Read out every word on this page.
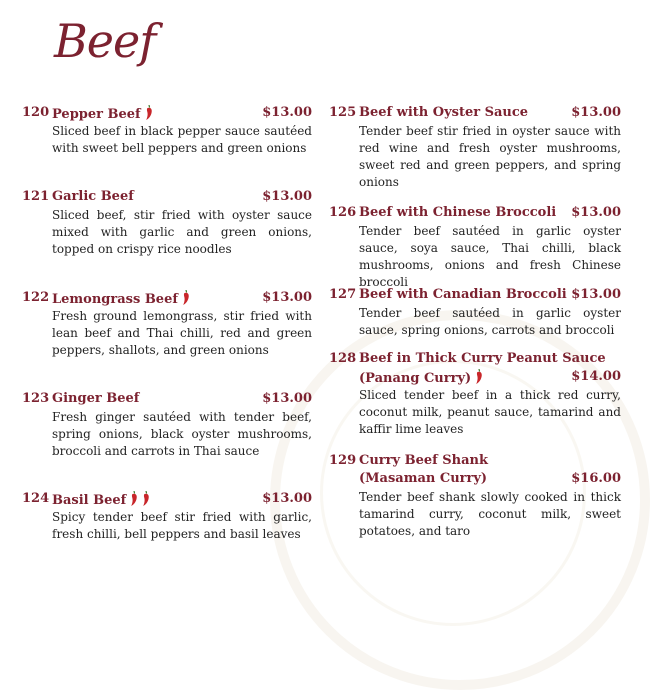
Beef
120 Pepper Beef	$13.00
Sliced beef in black pepper sauce sautéed with sweet bell peppers and green onions
121 Garlic Beef	$13.00
Sliced beef, stir fried with oyster sauce mixed with garlic and green onions, topped on crispy rice noodles
122 Lemongrass Beef	$13.00
Fresh ground lemongrass, stir fried with lean beef and Thai chilli, red and green peppers, shallots, and green onions
123 Ginger Beef	$13.00
Fresh ginger sautéed with tender beef, spring onions, black oyster mushrooms, broccoli and carrots in Thai sauce
124 Basil Beef	$13.00
Spicy tender beef stir fried with garlic, fresh chilli, bell peppers and basil leaves
125 Beef with Oyster Sauce	$13.00
Tender beef stir fried in oyster sauce with red wine and fresh oyster mushrooms, sweet red and green peppers, and spring onions
126 Beef with Chinese Broccoli $13.00
Tender beef sautéed in garlic oyster sauce, soya sauce, Thai chilli, black mushrooms, onions and fresh Chinese broccoli
127 Beef with Canadian Broccoli $13.00
Tender beef sautéed in garlic oyster sauce, spring onions, carrots and broccoli
128 Beef in Thick Curry Peanut Sauce
(Panang Curry)	$14.00
Sliced tender beef in a thick red curry, coconut milk, peanut sauce, tamarind and kaffir lime leaves
129 Curry Beef Shank
(Masaman Curry)	$16.00
Tender beef shank slowly cooked in thick tamarind curry, coconut milk, sweet potatoes, and taro
